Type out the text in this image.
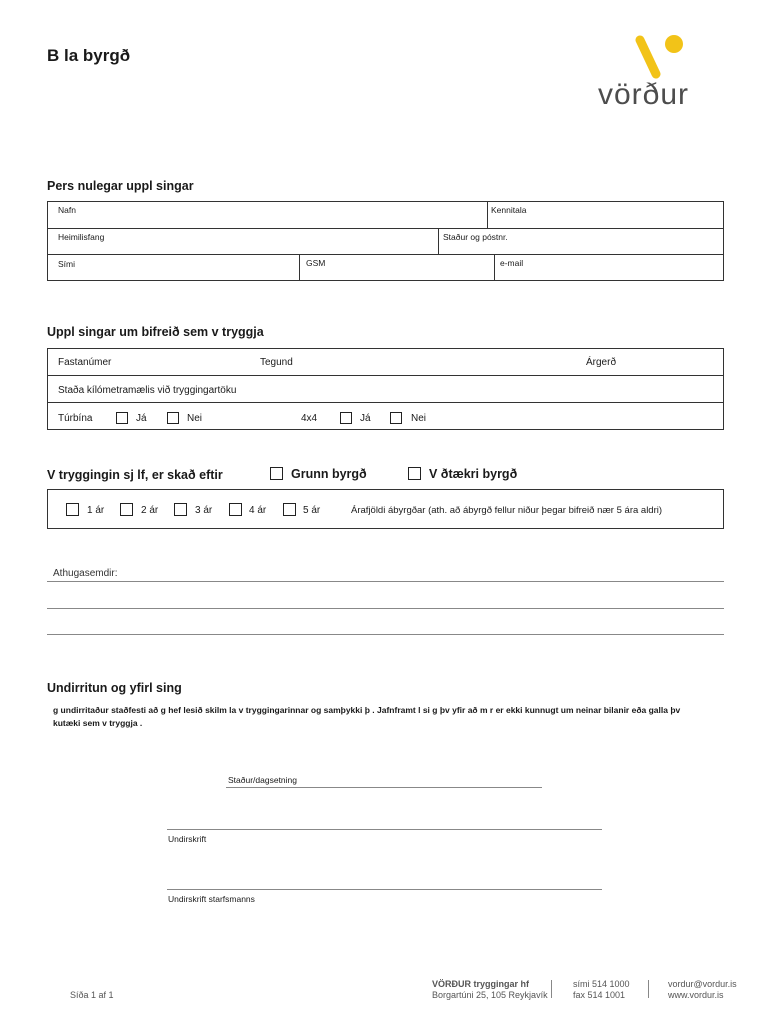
B la byrgð
vörður
Pers nulegar uppl singar
Nafn	Kennitala
Heimilisfang	Staður og póstnr.
Sími	GSM	e-mail
Uppl singar um bifreið sem v tryggja
Fastanúmer	Tegund	Árgerð
Staða kílómetramælis við tryggingartöku
Túrbína	Já	Nei	4x4	Já	Nei
V tryggingin sj lf, er skað eftir	Grunn byrgð	V ðtækri byrgð
1 ár	2 ár	3 ár	4 ár	5 ár	Árafjöldi ábyrgðar (ath. að ábyrgð fellur niður þegar bifreið nær 5 ára aldri)
Athugasemdir:
Undirritun og yfirl sing
g undirritaður staðfesti að g hef lesið skilm la v tryggingarinnar og samþykki þ . Jafnframt l si g þv yfir að m r er ekki kunnugt um neinar bilanir eða galla þv
kutæki sem v tryggja .
Staður/dagsetning
Undirskrift
Undirskrift starfsmanns
Síða 1 af 1
VÖRÐUR tryggingar hf
Borgartúni 25, 105 Reykjavík
sími 514 1000
fax 514 1001
vordur@vordur.is
www.vordur.is
